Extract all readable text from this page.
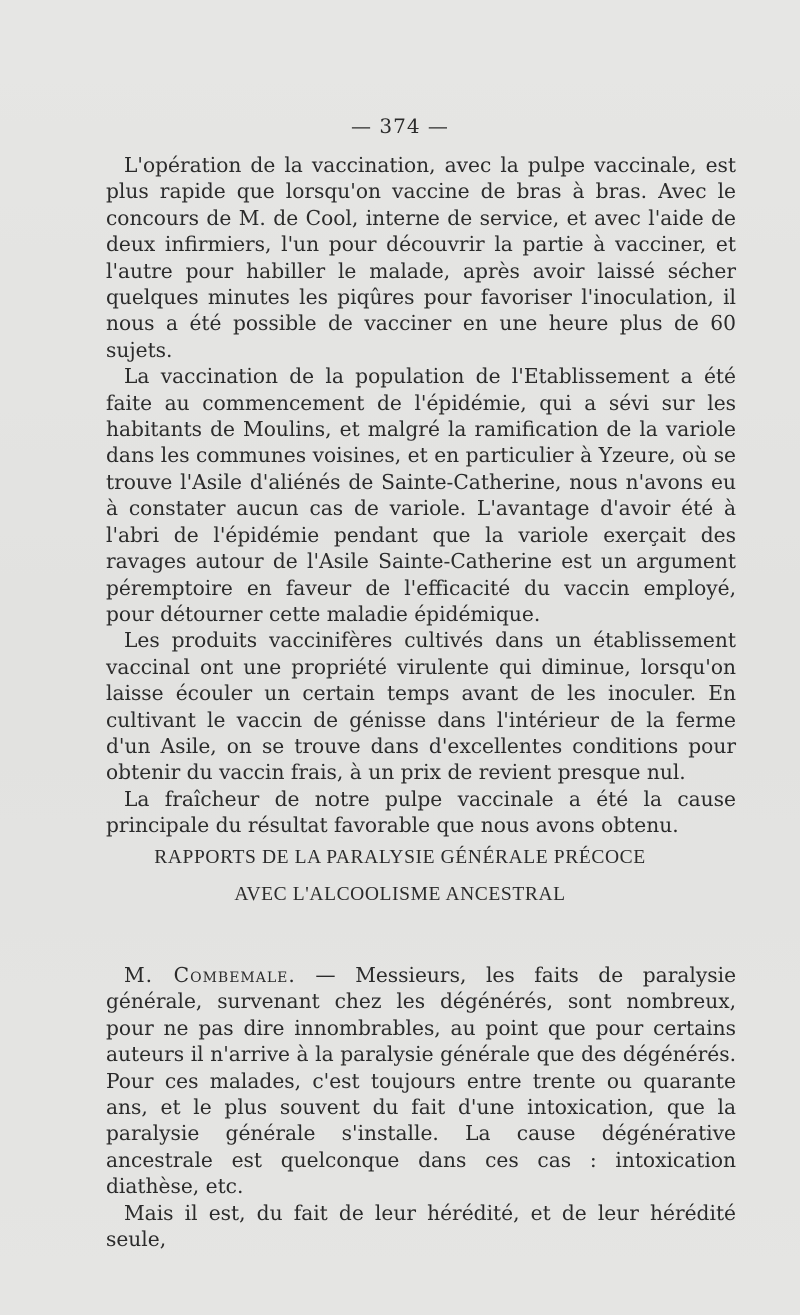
— 374 —

L'opération de la vaccination, avec la pulpe vaccinale, est plus rapide que lorsqu'on vaccine de bras à bras. Avec le concours de M. de Cool, interne de service, et avec l'aide de deux infirmiers, l'un pour découvrir la partie à vacciner, et l'autre pour habiller le malade, après avoir laissé sécher quelques minutes les piqûres pour favoriser l'inoculation, il nous a été possible de vacciner en une heure plus de 60 sujets.

La vaccination de la population de l'Etablissement a été faite au commencement de l'épidémie, qui a sévi sur les habitants de Moulins, et malgré la ramification de la variole dans les communes voisines, et en particulier à Yzeure, où se trouve l'Asile d'aliénés de Sainte-Catherine, nous n'avons eu à constater aucun cas de variole. L'avantage d'avoir été à l'abri de l'épidémie pendant que la variole exerçait des ravages autour de l'Asile Sainte-Catherine est un argument péremptoire en faveur de l'efficacité du vaccin employé, pour détourner cette maladie épidémique.

Les produits vaccinifères cultivés dans un établissement vaccinal ont une propriété virulente qui diminue, lorsqu'on laisse écouler un certain temps avant de les inoculer. En cultivant le vaccin de génisse dans l'intérieur de la ferme d'un Asile, on se trouve dans d'excellentes conditions pour obtenir du vaccin frais, à un prix de revient presque nul.

La fraîcheur de notre pulpe vaccinale a été la cause principale du résultat favorable que nous avons obtenu.

RAPPORTS DE LA PARALYSIE GÉNÉRALE PRÉCOCE
AVEC L'ALCOOLISME ANCESTRAL

M. Combemale. — Messieurs, les faits de paralysie générale, survenant chez les dégénérés, sont nombreux, pour ne pas dire innombrables, au point que pour certains auteurs il n'arrive à la paralysie générale que des dégénérés. Pour ces malades, c'est toujours entre trente ou quarante ans, et le plus souvent du fait d'une intoxication, que la paralysie générale s'installe. La cause dégénérative ancestrale est quelconque dans ces cas : intoxication diathèse, etc.

Mais il est, du fait de leur hérédité, et de leur hérédité seule,
